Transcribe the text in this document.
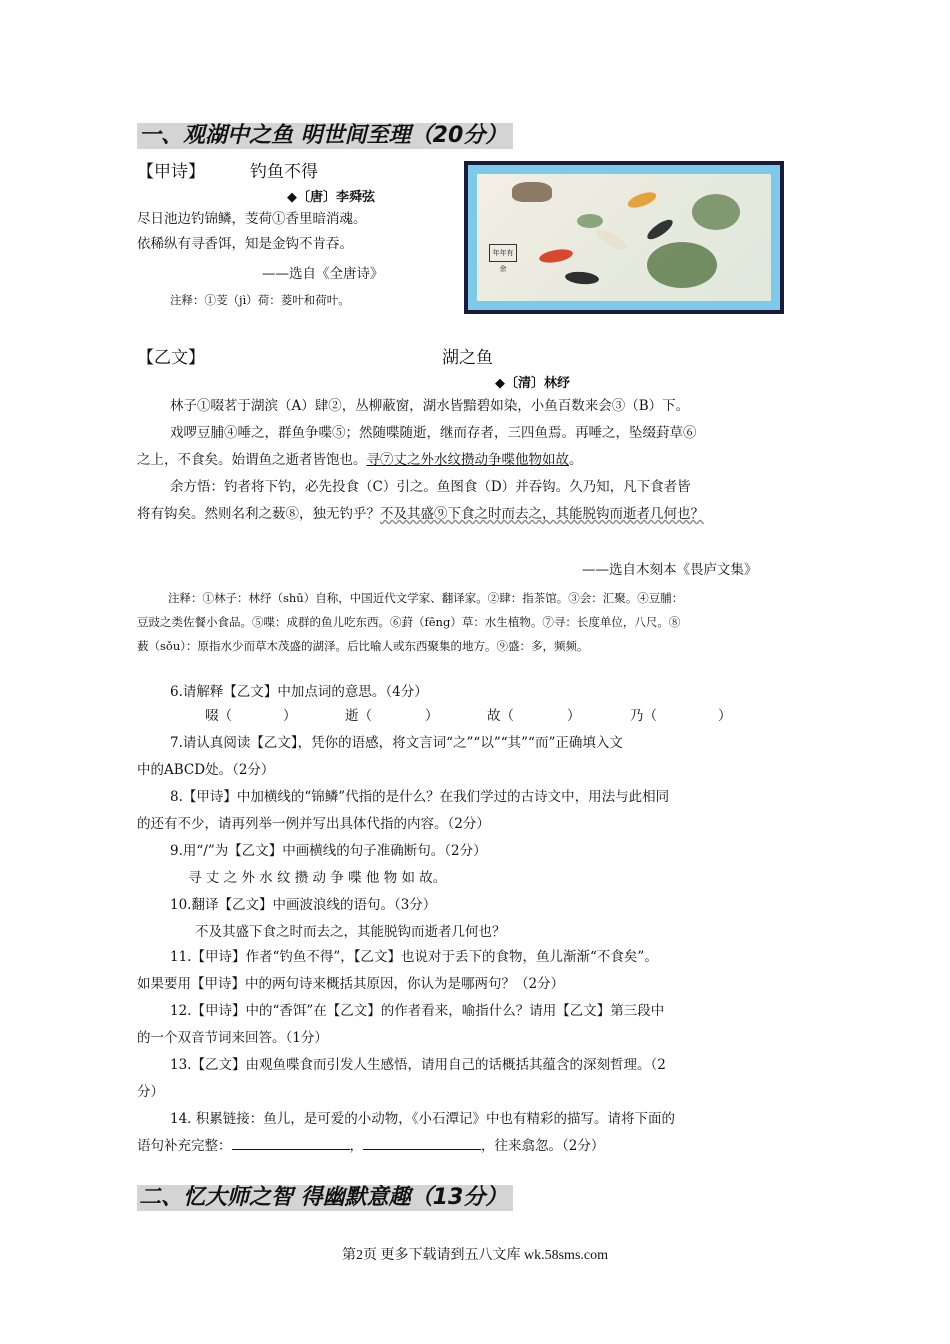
一、观湖中之鱼 明世间至理（20分）
【甲诗】	钓鱼不得
◆〔唐〕李舜弦
尽日池边钓锦鳞，芰荷①香里暗消魂。
依稀纵有寻香饵，知是金钩不肯吞。
——选自《全唐诗》
注释：①芰（jì）荷：菱叶和荷叶。
年年有余
【乙文】	湖之鱼
◆〔清〕林纾
林子①啜茗于湖滨（A）肆②，丛柳蔽窗，湖水皆黯碧如染，小鱼百数来会③（B）下。
戏啰豆脯④唾之，群鱼争喋⑤；然随喋随逝，继而存者，三四鱼焉。再唾之，坠缀葑草⑥
之上，不食矣。始谓鱼之逝者皆饱也。寻⑦丈之外水纹攒动争喋他物如故。
余方悟：钓者将下钓，必先投食（C）引之。鱼图食（D）并吞钩。久乃知，凡下食者皆
将有钩矣。然则名利之薮⑧，独无钓乎？不及其盛⑨下食之时而去之，其能脱钩而逝者几何也？
——选自木刻本《畏庐文集》
注释：①林子：林纾（shū）自称，中国近代文学家、翻译家。②肆：指茶馆。③会：汇聚。④豆脯：
豆豉之类佐餐小食品。⑤喋：成群的鱼儿吃东西。⑥葑（fēng）草：水生植物。⑦寻：长度单位，八尺。⑧
薮（sǒu）：原指水少而草木茂盛的湖泽。后比喻人或东西聚集的地方。⑨盛：多，频频。
6.请解释【乙文】中加点词的意思。（4分）
啜（	）	逝（	）	故（	）	乃（	）
7.请认真阅读【乙文】，凭你的语感，将文言词“之”“以”“其”“而”正确填入文
中的ABCD处。（2分）
8.【甲诗】中加横线的“锦鳞”代指的是什么？在我们学过的古诗文中，用法与此相同
的还有不少，请再列举一例并写出具体代指的内容。（2分）
9.用“/”为【乙文】中画横线的句子准确断句。（2分）
寻 丈 之 外 水 纹 攒 动 争 喋 他 物 如 故。
10.翻译【乙文】中画波浪线的语句。（3分）
不及其盛下食之时而去之，其能脱钩而逝者几何也？
11.【甲诗】作者“钓鱼不得”，【乙文】也说对于丢下的食物，鱼儿渐渐“不食矣”。
如果要用【甲诗】中的两句诗来概括其原因，你认为是哪两句？（2分）
12.【甲诗】中的“香饵”在【乙文】的作者看来，喻指什么？请用【乙文】第三段中
的一个双音节词来回答。（1分）
13.【乙文】由观鱼喋食而引发人生感悟，请用自己的话概括其蕴含的深刻哲理。（2
分）
14. 积累链接：鱼儿，是可爱的小动物，《小石潭记》中也有精彩的描写。请将下面的
语句补充完整：	，	，往来翕忽。（2分）
二、忆大师之智 得幽默意趣（13分）
第2页 更多下载请到五八文库 wk.58sms.com
